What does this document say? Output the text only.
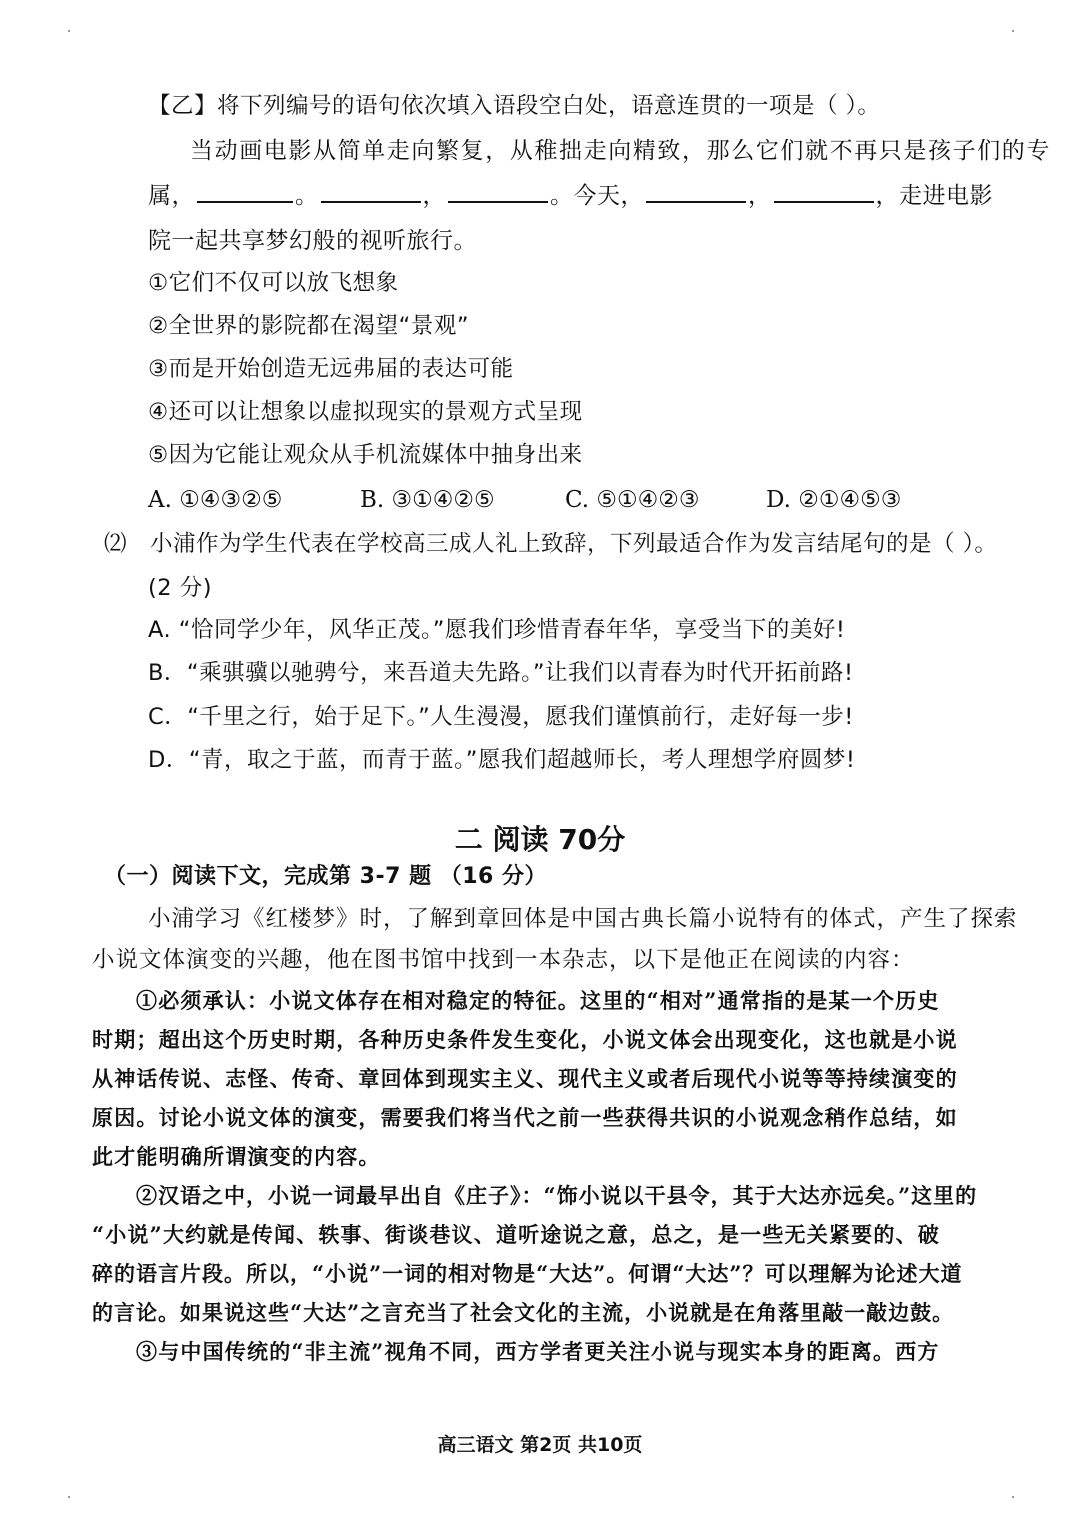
【乙】将下列编号的语句依次填入语段空白处，语意连贯的一项是（ ）。
当动画电影从简单走向繁复，从稚拙走向精致，那么它们就不再只是孩子们的专
属，	。	，	。今天，	，	，走进电影
院一起共享梦幻般的视听旅行。
①它们不仅可以放飞想象
②全世界的影院都在渴望“景观”
③而是开始创造无远弗届的表达可能
④还可以让想象以虚拟现实的景观方式呈现
⑤因为它能让观众从手机流媒体中抽身出来
A. ①④③②⑤	B. ③①④②⑤	C. ⑤①④②③	D. ②①④⑤③
⑵ 小浦作为学生代表在学校高三成人礼上致辞，下列最适合作为发言结尾句的是（ ）。
(2 分)
A. “恰同学少年，风华正茂。”愿我们珍惜青春年华，享受当下的美好!
B．“乘骐骥以驰骋兮，来吾道夫先路。”让我们以青春为时代开拓前路!
C．“千里之行，始于足下。”人生漫漫，愿我们谨慎前行，走好每一步!
D．“青，取之于蓝，而青于蓝。”愿我们超越师长，考人理想学府圆梦!
二 阅读 70分
（一）阅读下文，完成第 3-7 题 （16 分）
小浦学习《红楼梦》时，了解到章回体是中国古典长篇小说特有的体式，产生了探索
小说文体演变的兴趣，他在图书馆中找到一本杂志，以下是他正在阅读的内容：
①必须承认：小说文体存在相对稳定的特征。这里的“相对”通常指的是某一个历史
时期；超出这个历史时期，各种历史条件发生变化，小说文体会出现变化，这也就是小说
从神话传说、志怪、传奇、章回体到现实主义、现代主义或者后现代小说等等持续演变的
原因。讨论小说文体的演变，需要我们将当代之前一些获得共识的小说观念稍作总结，如
此才能明确所谓演变的内容。
②汉语之中，小说一词最早出自《庄子》：“饰小说以干县令，其于大达亦远矣。”这里的
“小说”大约就是传闻、轶事、街谈巷议、道听途说之意，总之，是一些无关紧要的、破
碎的语言片段。所以，“小说”一词的相对物是“大达”。何谓“大达”？可以理解为论述大道
的言论。如果说这些“大达”之言充当了社会文化的主流，小说就是在角落里敲一敲边鼓。
③与中国传统的“非主流”视角不同，西方学者更关注小说与现实本身的距离。西方
高三语文 第2页 共10页
